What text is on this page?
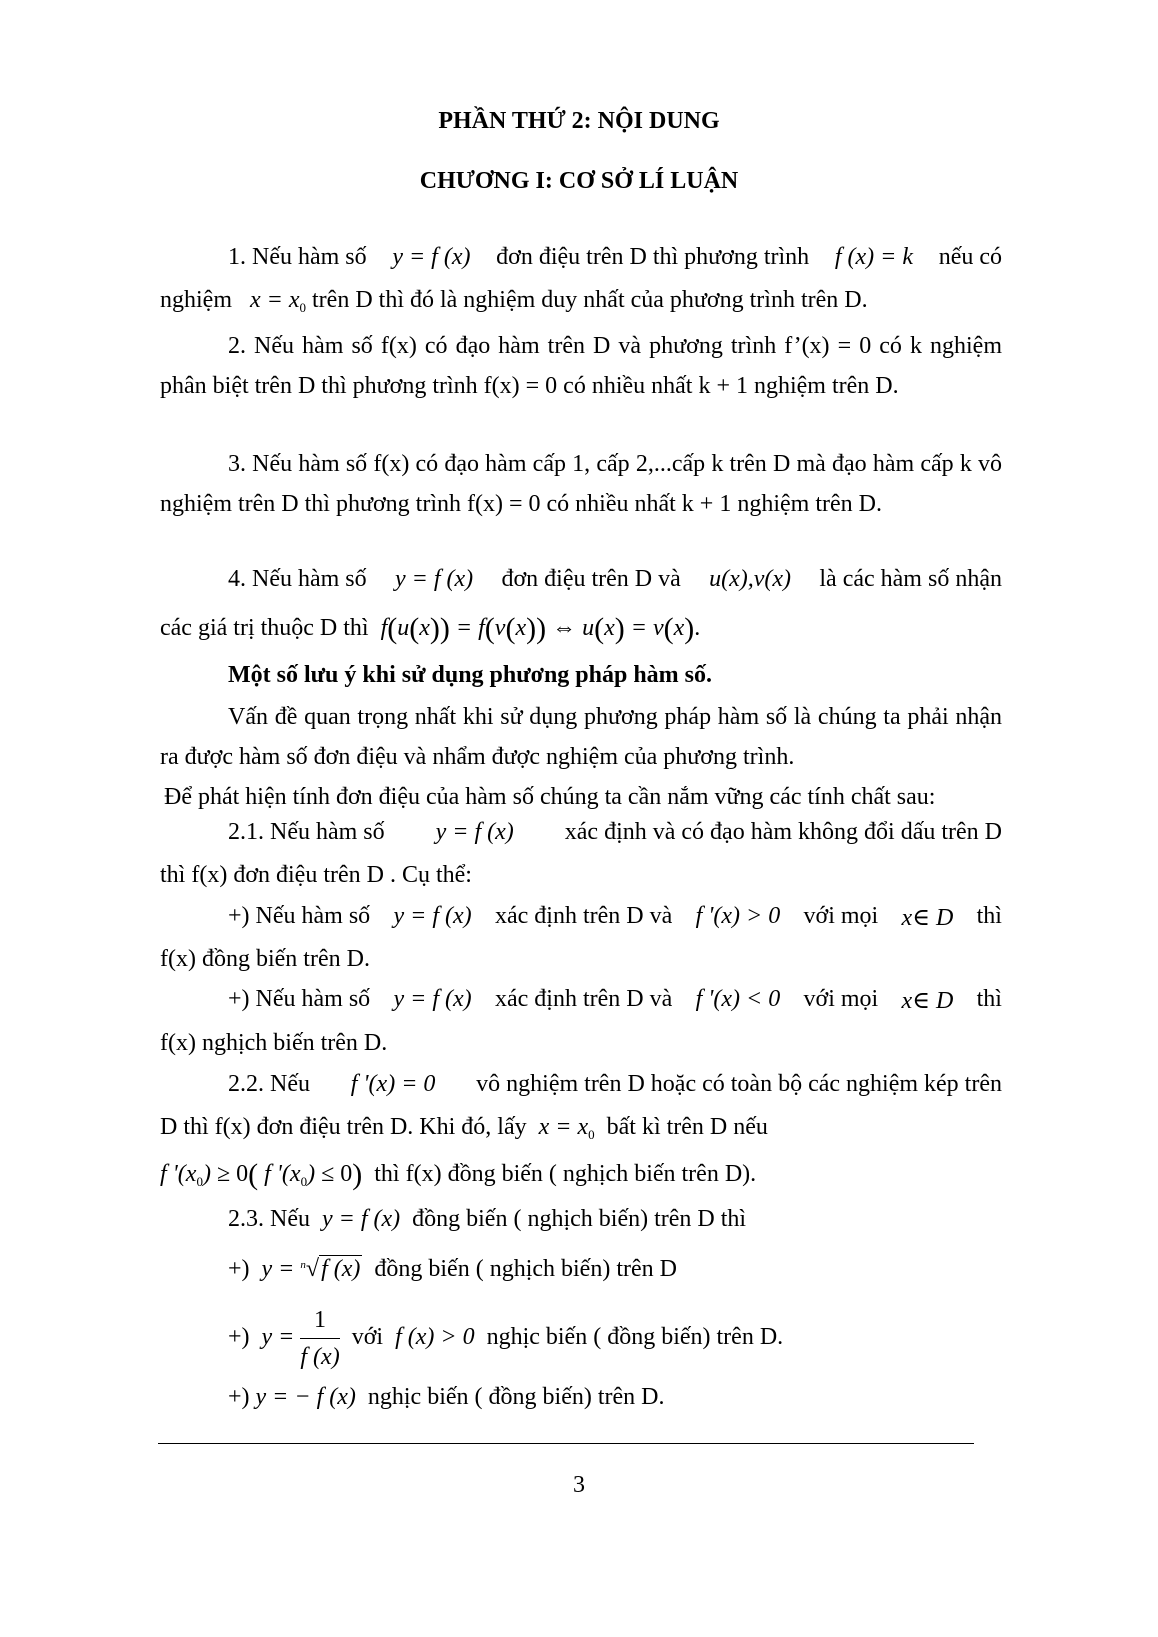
PHẦN THỨ 2: NỘI DUNG
CHƯƠNG I: CƠ SỞ LÍ LUẬN
1. Nếu hàm số y = f (x) đơn điệu trên D thì phương trình f (x) = k nếu có
nghiệm $x = x_0$ trên D thì đó là nghiệm duy nhất của phương trình trên D.

2. Nếu hàm số f(x) có đạo hàm trên D và phương trình f’(x) = 0 có k nghiệm phân biệt trên D thì phương trình f(x) = 0 có nhiều nhất k + 1 nghiệm trên D.

3. Nếu hàm số f(x) có đạo hàm cấp 1, cấp 2,...cấp k trên D mà đạo hàm cấp k vô nghiệm trên D thì phương trình f(x) = 0 có nhiều nhất k + 1 nghiệm trên D.

4. Nếu hàm số y = f (x) đơn điệu trên D và u(x),v(x) là các hàm số nhận
các giá trị thuộc D thì  f(u(x)) = f(v(x)) ⇔ u(x) = v(x).
Một số lưu ý khi sử dụng phương pháp hàm số.

Vấn đề quan trọng nhất khi sử dụng phương pháp hàm số là chúng ta phải nhận ra được hàm số đơn điệu và nhẩm được nghiệm của phương trình.

Để phát hiện tính đơn điệu của hàm số chúng ta cần nắm vững các tính chất sau:
2.1. Nếu hàm số y = f (x) xác định và có đạo hàm không đổi dấu trên D
thì f(x) đơn điệu trên D . Cụ thể:
+) Nếu hàm số y = f (x) xác định trên D và f '(x) > 0 với mọi x∈ D thì
f(x) đồng biến trên D.
+) Nếu hàm số y = f (x) xác định trên D và f '(x) < 0 với mọi x∈ D thì
f(x) nghịch biến trên D.
2.2. Nếu f '(x) = 0 vô nghiệm trên D hoặc có toàn bộ các nghiệm kép trên
D thì f(x) đơn điệu trên D. Khi đó, lấy  $x = x_0$ bất kì trên D nếu
f '$(x_0) \ge 0$( f '$(x_0) \le 0$) thì f(x) đồng biến ( nghịch biến trên D).
2.3. Nếu  y = f (x)  đồng biến ( nghịch biến) trên D thì
+) y = $^n$√f (x) đồng biến ( nghịch biến) trên D
+) $y = \frac{1}{f (x)}$ với  f (x) > 0  nghịc biến ( đồng biến) trên D.
+) y = − f (x)  nghịc biến ( đồng biến) trên D.
3
